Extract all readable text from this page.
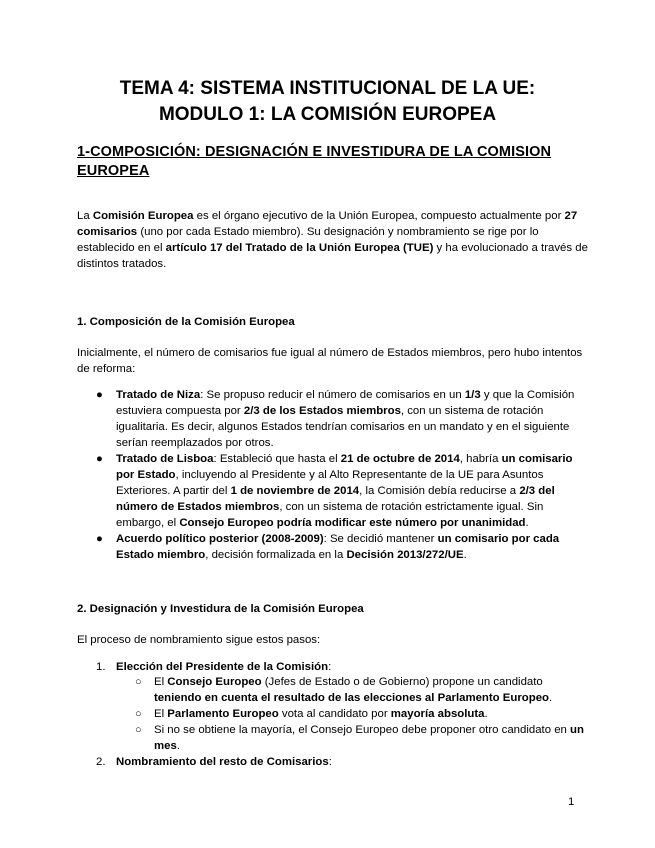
TEMA 4: SISTEMA INSTITUCIONAL DE LA UE:
MODULO 1: LA COMISIÓN EUROPEA
1-COMPOSICIÓN: DESIGNACIÓN E INVESTIDURA DE LA COMISION
EUROPEA

La Comisión Europea es el órgano ejecutivo de la Unión Europea, compuesto actualmente por 27 comisarios (uno por cada Estado miembro). Su designación y nombramiento se rige por lo establecido en el artículo 17 del Tratado de la Unión Europea (TUE) y ha evolucionado a través de distintos tratados.

1. Composición de la Comisión Europea

Inicialmente, el número de comisarios fue igual al número de Estados miembros, pero hubo intentos de reforma:

● Tratado de Niza: Se propuso reducir el número de comisarios en un 1/3 y que la Comisión estuviera compuesta por 2/3 de los Estados miembros, con un sistema de rotación igualitaria. Es decir, algunos Estados tendrían comisarios en un mandato y en el siguiente serían reemplazados por otros.

● Tratado de Lisboa: Estableció que hasta el 21 de octubre de 2014, habría un comisario por Estado, incluyendo al Presidente y al Alto Representante de la UE para Asuntos Exteriores. A partir del 1 de noviembre de 2014, la Comisión debía reducirse a 2/3 del número de Estados miembros, con un sistema de rotación estrictamente igual. Sin embargo, el Consejo Europeo podría modificar este número por unanimidad.

● Acuerdo político posterior (2008-2009): Se decidió mantener un comisario por cada Estado miembro, decisión formalizada en la Decisión 2013/272/UE.

2. Designación y Investidura de la Comisión Europea

El proceso de nombramiento sigue estos pasos:

1. Elección del Presidente de la Comisión:

○ El Consejo Europeo (Jefes de Estado o de Gobierno) propone un candidato teniendo en cuenta el resultado de las elecciones al Parlamento Europeo.

○ El Parlamento Europeo vota al candidato por mayoría absoluta.

○ Si no se obtiene la mayoría, el Consejo Europeo debe proponer otro candidato en un mes.

2. Nombramiento del resto de Comisarios:

1
